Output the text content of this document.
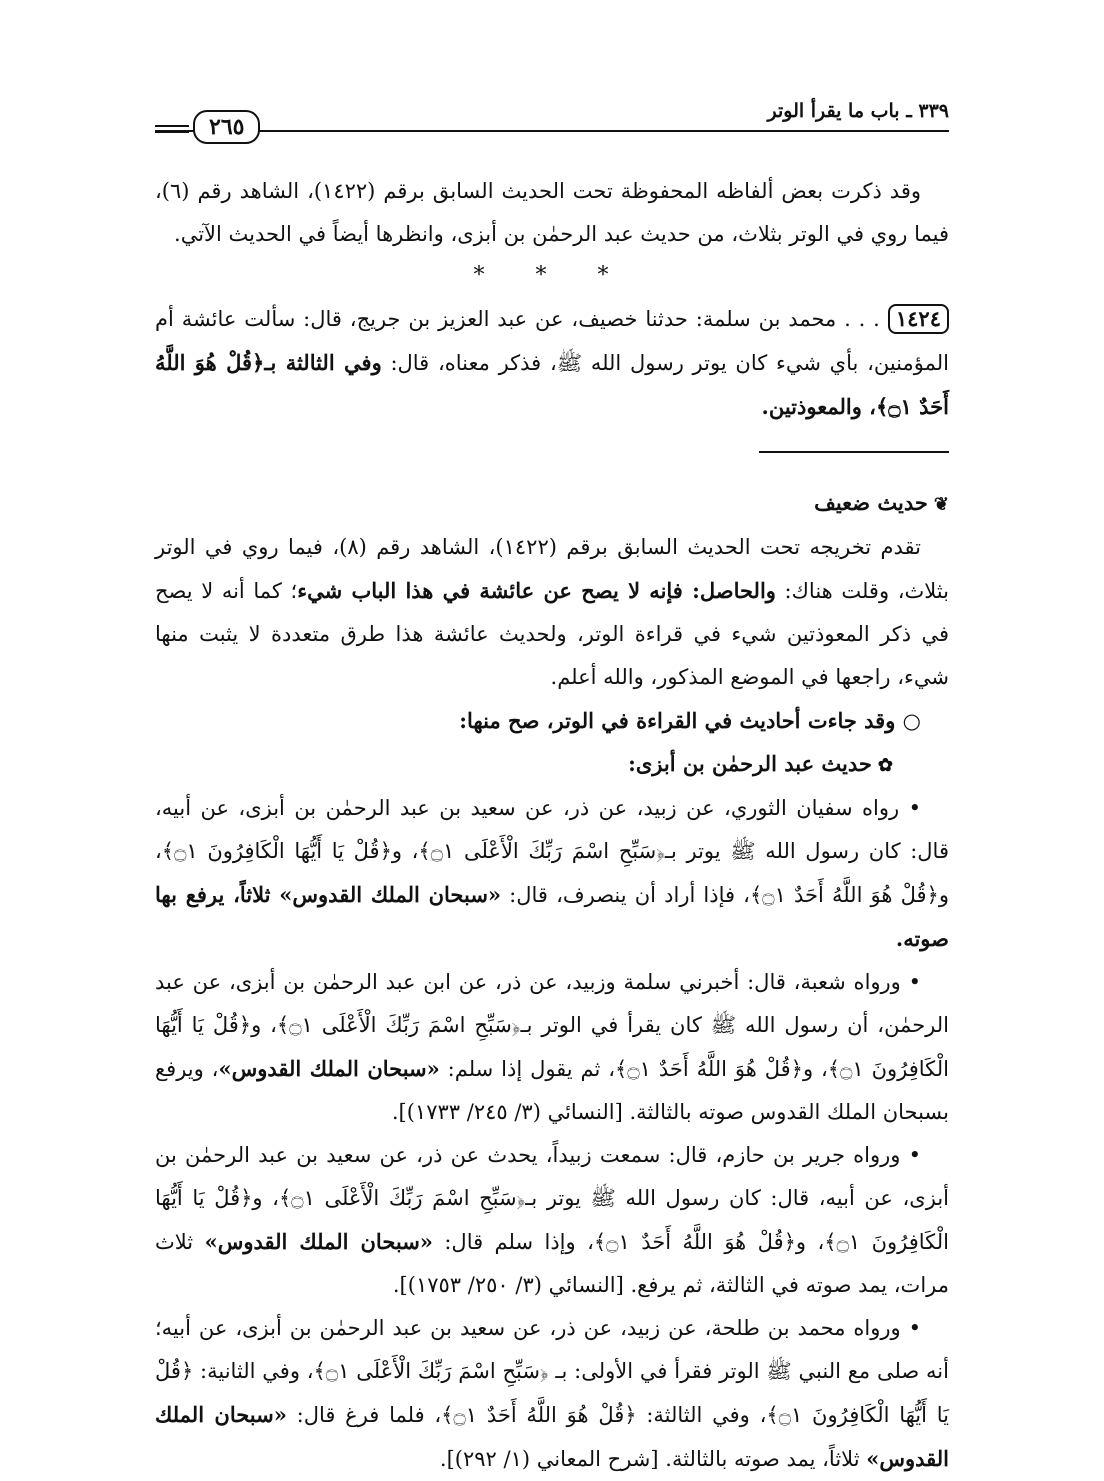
٣٣٩ ـ باب ما يقرأ الوتر
٢٦٥

وقد ذكرت بعض ألفاظه المحفوظة تحت الحديث السابق برقم (١٤٢٢)، الشاهد رقم (٦)، فيما روي في الوتر بثلاث، من حديث عبد الرحمٰن بن أبزى، وانظرها أيضاً في الحديث الآتي.

* * *

١٤٢٤. . . محمد بن سلمة: حدثنا خصيف، عن عبد العزيز بن جريج، قال: سألت عائشة أم المؤمنين، بأي شيء كان يوتر رسول الله ﷺ، فذكر معناه، قال: وفي الثالثة بـ﴿قُلْ هُوَ اللَّهُ أَحَدٌ ۝١﴾، والمعوذتين.

❦حديث ضعيف

تقدم تخريجه تحت الحديث السابق برقم (١٤٢٢)، الشاهد رقم (٨)، فيما روي في الوتر بثلاث، وقلت هناك: والحاصل: فإنه لا يصح عن عائشة في هذا الباب شيء؛ كما أنه لا يصح في ذكر المعوذتين شيء في قراءة الوتر، ولحديث عائشة هذا طرق متعددة لا يثبت منها شيء، راجعها في الموضع المذكور، والله أعلم.

○ وقد جاءت أحاديث في القراءة في الوتر، صح منها:

✿حديث عبد الرحمٰن بن أبزى:

• رواه سفيان الثوري، عن زبيد، عن ذر، عن سعيد بن عبد الرحمٰن بن أبزى، عن أبيه، قال: كان رسول الله ﷺ يوتر بـ﴿سَبِّحِ اسْمَ رَبِّكَ الْأَعْلَى ۝١﴾، و﴿قُلْ يَا أَيُّهَا الْكَافِرُونَ ۝١﴾، و﴿قُلْ هُوَ اللَّهُ أَحَدٌ ۝١﴾، فإذا أراد أن ينصرف، قال: «سبحان الملك القدوس» ثلاثاً، يرفع بها صوته.

• ورواه شعبة، قال: أخبرني سلمة وزبيد، عن ذر، عن ابن عبد الرحمٰن بن أبزى، عن عبد الرحمٰن، أن رسول الله ﷺ كان يقرأ في الوتر بـ﴿سَبِّحِ اسْمَ رَبِّكَ الْأَعْلَى ۝١﴾، و﴿قُلْ يَا أَيُّهَا الْكَافِرُونَ ۝١﴾، و﴿قُلْ هُوَ اللَّهُ أَحَدٌ ۝١﴾، ثم يقول إذا سلم: «سبحان الملك القدوس»، ويرفع بسبحان الملك القدوس صوته بالثالثة. [النسائي (٣/ ٢٤٥/ ١٧٣٣)].

• ورواه جرير بن حازم، قال: سمعت زبيداً، يحدث عن ذر، عن سعيد بن عبد الرحمٰن بن أبزى، عن أبيه، قال: كان رسول الله ﷺ يوتر بـ﴿سَبِّحِ اسْمَ رَبِّكَ الْأَعْلَى ۝١﴾، و﴿قُلْ يَا أَيُّهَا الْكَافِرُونَ ۝١﴾، و﴿قُلْ هُوَ اللَّهُ أَحَدٌ ۝١﴾، وإذا سلم قال: «سبحان الملك القدوس» ثلاث مرات، يمد صوته في الثالثة، ثم يرفع. [النسائي (٣/ ٢٥٠/ ١٧٥٣)].

• ورواه محمد بن طلحة، عن زبيد، عن ذر، عن سعيد بن عبد الرحمٰن بن أبزى، عن أبيه؛ أنه صلى مع النبي ﷺ الوتر فقرأ في الأولى: بـ ﴿سَبِّحِ اسْمَ رَبِّكَ الْأَعْلَى ۝١﴾، وفي الثانية: ﴿قُلْ يَا أَيُّهَا الْكَافِرُونَ ۝١﴾، وفي الثالثة: ﴿قُلْ هُوَ اللَّهُ أَحَدٌ ۝١﴾، فلما فرغ قال: «سبحان الملك القدوس» ثلاثاً، يمد صوته بالثالثة. [شرح المعاني (١/ ٢٩٢)].
